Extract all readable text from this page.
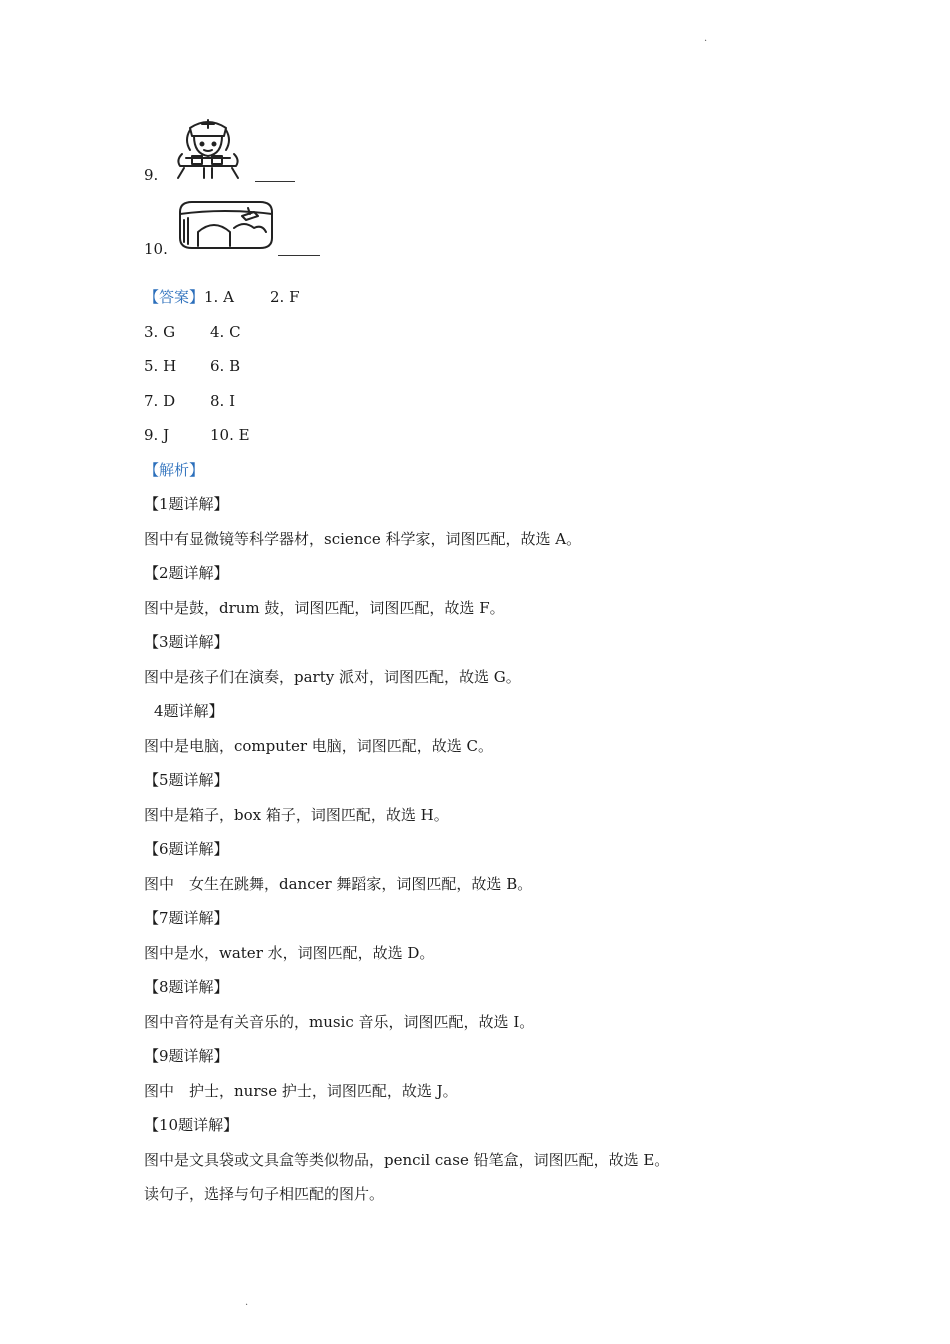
·
9.
10.
【答案】1. A 2. F
3. G 4. C
5. H 6. B
7. D 8. I
9. J	10. E
【解析】
【1题详解】
图中有显微镜等科学器材，science 科学家，词图匹配，故选 A。
【2题详解】
图中是鼓，drum 鼓，词图匹配，词图匹配，故选 F。
【3题详解】
图中是孩子们在演奏，party 派对，词图匹配，故选 G。
4题详解】
图中是电脑，computer 电脑，词图匹配，故选 C。
【5题详解】
图中是箱子，box 箱子，词图匹配，故选 H。
【6题详解】
图中　女生在跳舞，dancer 舞蹈家，词图匹配，故选 B。
【7题详解】
图中是水，water 水，词图匹配，故选 D。
【8题详解】
图中音符是有关音乐的，music 音乐，词图匹配，故选 I。
【9题详解】
图中　护士，nurse 护士，词图匹配，故选 J。
【10题详解】
图中是文具袋或文具盒等类似物品，pencil case 铅笔盒，词图匹配，故选 E。
读句子，选择与句子相匹配的图片。
·
